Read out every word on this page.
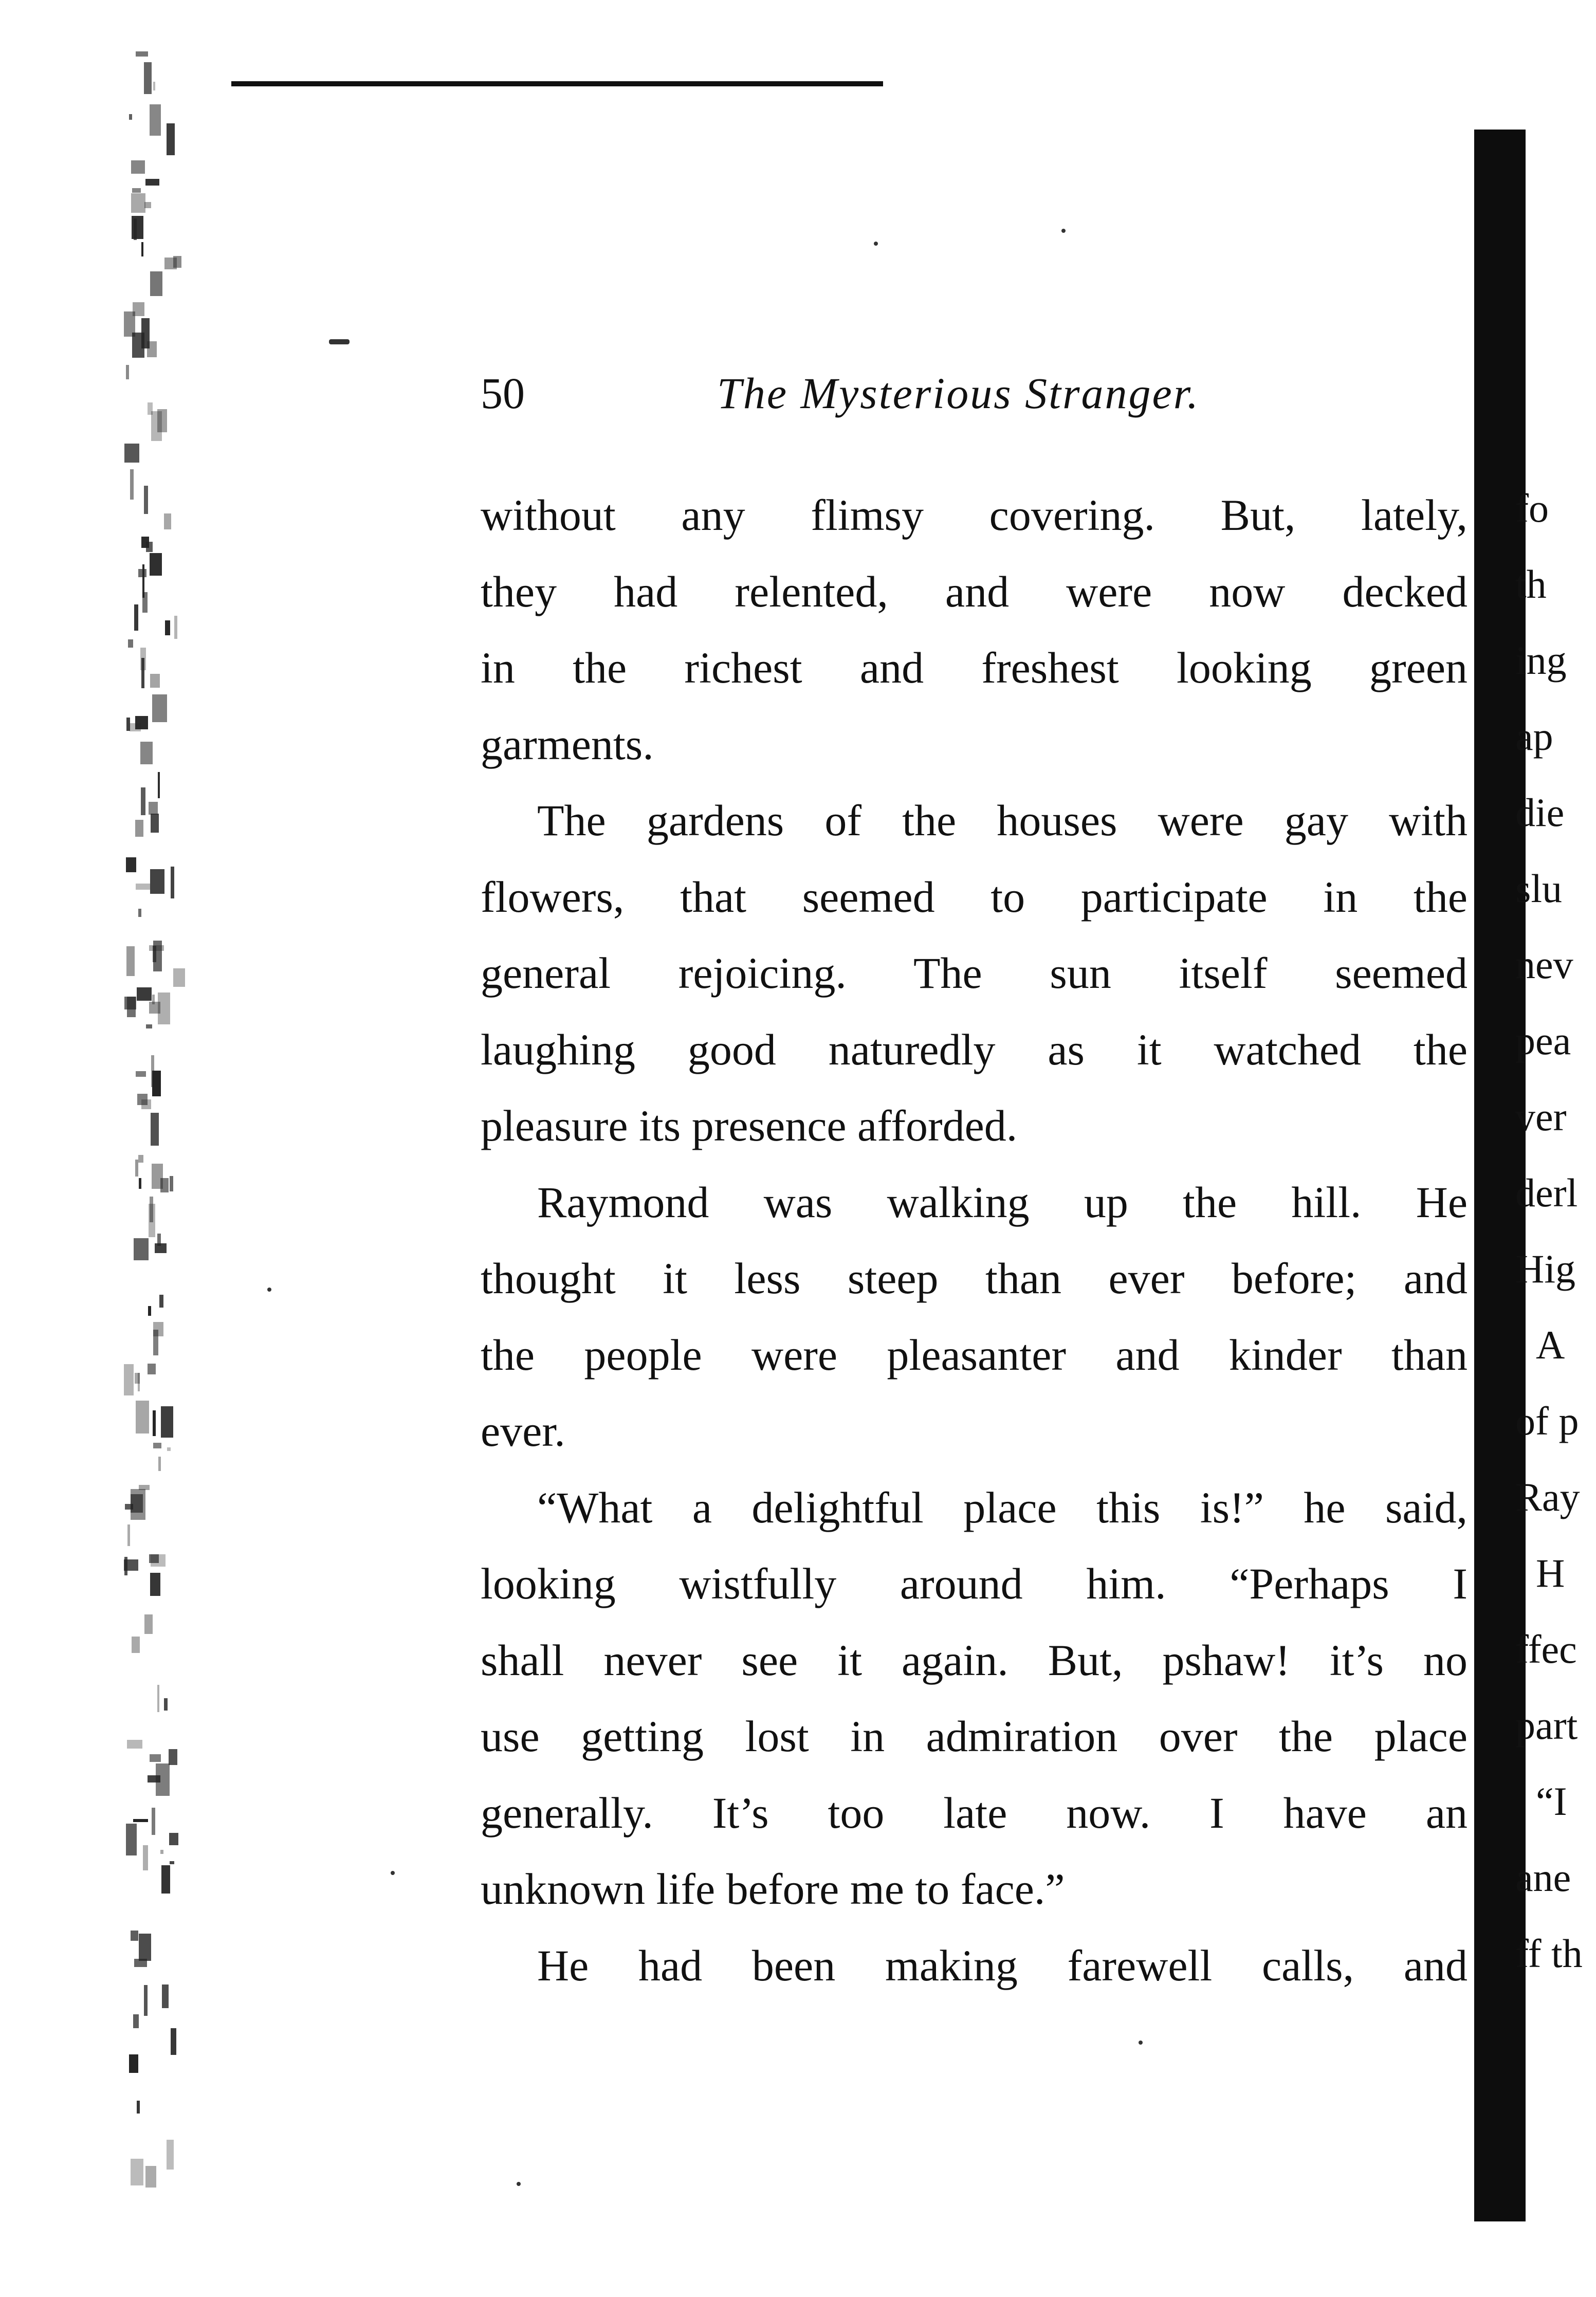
50	The Mysterious Stranger.
without any flimsy covering. But, lately,
they had relented, and were now decked
in the richest and freshest looking green
garments.
The gardens of the houses were gay with
flowers, that seemed to participate in the
general rejoicing. The sun itself seemed
laughing good naturedly as it watched the
pleasure its presence afforded.
Raymond was walking up the hill. He
thought it less steep than ever before; and
the people were pleasanter and kinder than
ever.
“What a delightful place this is!” he said,
looking wistfully around him. “Perhaps I
shall never see it again. But, pshaw! it’s no
use getting lost in admiration over the place
generally. It’s too late now. I have an
unknown life before me to face.”
He had been making farewell calls, and
fo
th
ing
ap
die
slu
nev
pea
ver
derl
Hig
A
of p
Ray
H
ffec
part
“I
ane
ff th
